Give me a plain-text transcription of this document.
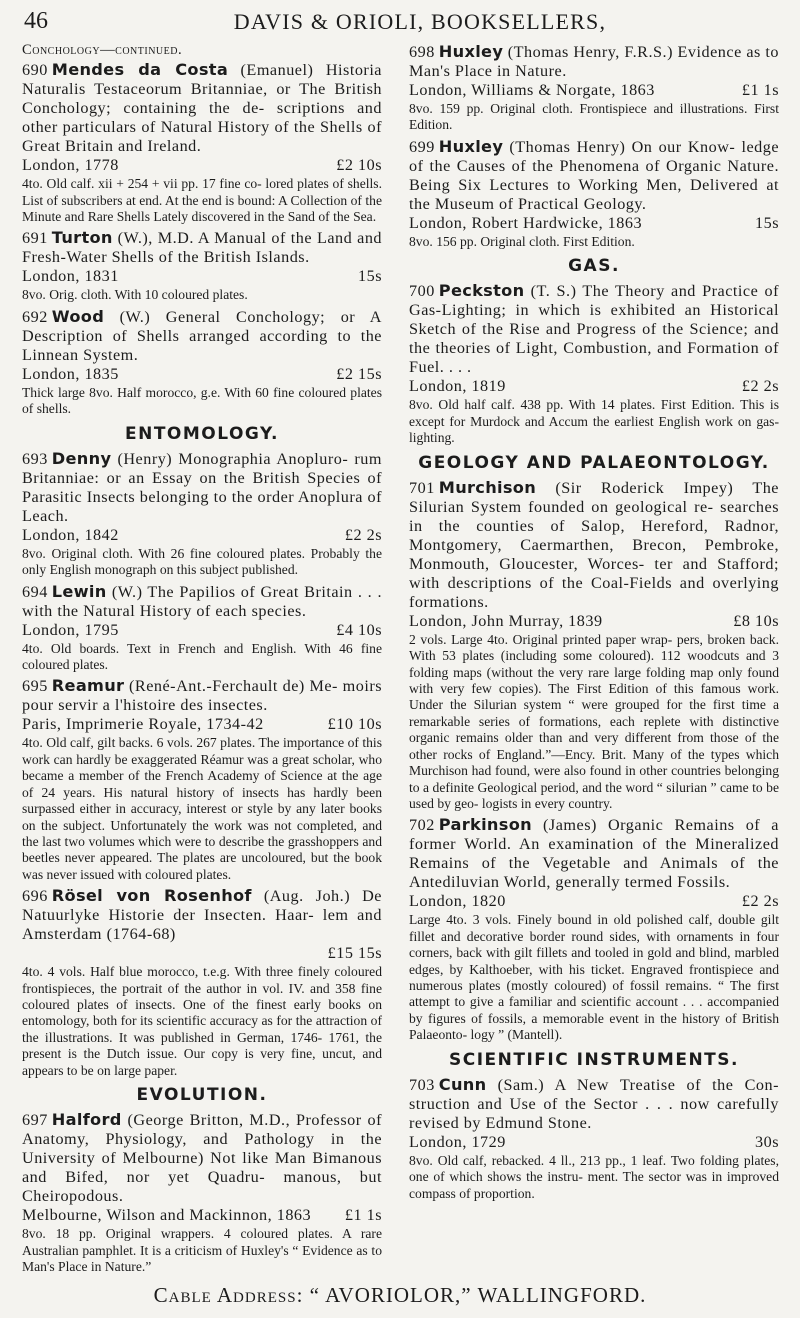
46	DAVIS & ORIOLI, BOOKSELLERS,
Conchology—continued.
690 Mendes da Costa (Emanuel) Historia Naturalis Testaceorum Britanniae, or The British Conchology; containing the de- scriptions and other particulars of Natural History of the Shells of Great Britain and Ireland.
London, 1778	£2 10s
4to. Old calf. xii + 254 + vii pp. 17 fine co- lored plates of shells. List of subscribers at end. At the end is bound: A Collection of the Minute and Rare Shells Lately discovered in the Sand of the Sea.
691 Turton (W.), M.D. A Manual of the Land and Fresh-Water Shells of the British Islands.
London, 1831	15s
8vo. Orig. cloth. With 10 coloured plates.
692 Wood (W.) General Conchology; or A Description of Shells arranged according to the Linnean System.
London, 1835	£2 15s
Thick large 8vo. Half morocco, g.e. With 60 fine coloured plates of shells.
ENTOMOLOGY.
693 Denny (Henry) Monographia Anopluro- rum Britanniae: or an Essay on the British Species of Parasitic Insects belonging to the order Anoplura of Leach.
London, 1842	£2 2s
8vo. Original cloth. With 26 fine coloured plates. Probably the only English monograph on this subject published.
694 Lewin (W.) The Papilios of Great Britain . . . with the Natural History of each species.
London, 1795	£4 10s
4to. Old boards. Text in French and English. With 46 fine coloured plates.
695 Reamur (René-Ant.-Ferchault de) Me- moirs pour servir a l'histoire des insectes.
Paris, Imprimerie Royale, 1734-42	£10 10s
4to. Old calf, gilt backs. 6 vols. 267 plates. The importance of this work can hardly be exaggerated Réamur was a great scholar, who became a member of the French Academy of Science at the age of 24 years. His natural history of insects has hardly been surpassed either in accuracy, interest or style by any later books on the subject. Unfortunately the work was not completed, and the last two volumes which were to describe the grasshoppers and beetles never appeared. The plates are uncoloured, but the book was never issued with coloured plates.
696 Rösel von Rosenhof (Aug. Joh.) De Natuurlyke Historie der Insecten. Haar- lem and Amsterdam (1764-68)
£15 15s
4to. 4 vols. Half blue morocco, t.e.g. With three finely coloured frontispieces, the portrait of the author in vol. IV. and 358 fine coloured plates of insects. One of the finest early books on entomology, both for its scientific accuracy as for the attraction of the illustrations. It was published in German, 1746- 1761, the present is the Dutch issue. Our copy is very fine, uncut, and appears to be on large paper.
EVOLUTION.
697 Halford (George Britton, M.D., Professor of Anatomy, Physiology, and Pathology in the University of Melbourne) Not like Man Bimanous and Bifed, nor yet Quadru- manous, but Cheiropodous.
Melbourne, Wilson and Mackinnon, 1863 £1 1s
8vo. 18 pp. Original wrappers. 4 coloured plates. A rare Australian pamphlet. It is a criticism of Huxley's “ Evidence as to Man's Place in Nature.”
698 Huxley (Thomas Henry, F.R.S.) Evidence as to Man's Place in Nature.
London, Williams & Norgate, 1863	£1 1s
8vo. 159 pp. Original cloth. Frontispiece and illustrations. First Edition.
699 Huxley (Thomas Henry) On our Know- ledge of the Causes of the Phenomena of Organic Nature. Being Six Lectures to Working Men, Delivered at the Museum of Practical Geology.
London, Robert Hardwicke, 1863	15s
8vo. 156 pp. Original cloth. First Edition.
GAS.
700 Peckston (T. S.) The Theory and Practice of Gas-Lighting; in which is exhibited an Historical Sketch of the Rise and Progress of the Science; and the theories of Light, Combustion, and Formation of Fuel. . . .
London, 1819	£2 2s
8vo. Old half calf. 438 pp. With 14 plates. First Edition. This is except for Murdock and Accum the earliest English work on gas-lighting.
GEOLOGY AND PALAEONTOLOGY.
701 Murchison (Sir Roderick Impey) The Silurian System founded on geological re- searches in the counties of Salop, Hereford, Radnor, Montgomery, Caermarthen, Brecon, Pembroke, Monmouth, Gloucester, Worces- ter and Stafford; with descriptions of the Coal-Fields and overlying formations.
London, John Murray, 1839	£8 10s
2 vols. Large 4to. Original printed paper wrap- pers, broken back. With 53 plates (including some coloured). 112 woodcuts and 3 folding maps (without the very rare large folding map only found with very few copies). The First Edition of this famous work. Under the Silurian system “ were grouped for the first time a remarkable series of formations, each replete with distinctive organic remains older than and very different from those of the other rocks of England.”—Ency. Brit. Many of the types which Murchison had found, were also found in other countries belonging to a definite Geological period, and the word “ silurian ” came to be used by geo- logists in every country.
702 Parkinson (James) Organic Remains of a former World. An examination of the Mineralized Remains of the Vegetable and Animals of the Antediluvian World, generally termed Fossils.
London, 1820	£2 2s
Large 4to. 3 vols. Finely bound in old polished calf, double gilt fillet and decorative border round sides, with ornaments in four corners, back with gilt fillets and tooled in gold and blind, marbled edges, by Kalthoeber, with his ticket. Engraved frontispiece and numerous plates (mostly coloured) of fossil remains. “ The first attempt to give a familiar and scientific account . . . accompanied by figures of fossils, a memorable event in the history of British Palaeonto- logy ” (Mantell).
SCIENTIFIC INSTRUMENTS.
703 Cunn (Sam.) A New Treatise of the Con- struction and Use of the Sector . . . now carefully revised by Edmund Stone.
London, 1729	30s
8vo. Old calf, rebacked. 4 ll., 213 pp., 1 leaf. Two folding plates, one of which shows the instru- ment. The sector was in improved compass of proportion.
Cable Address: “ AVORIOLOR,” WALLINGFORD.
